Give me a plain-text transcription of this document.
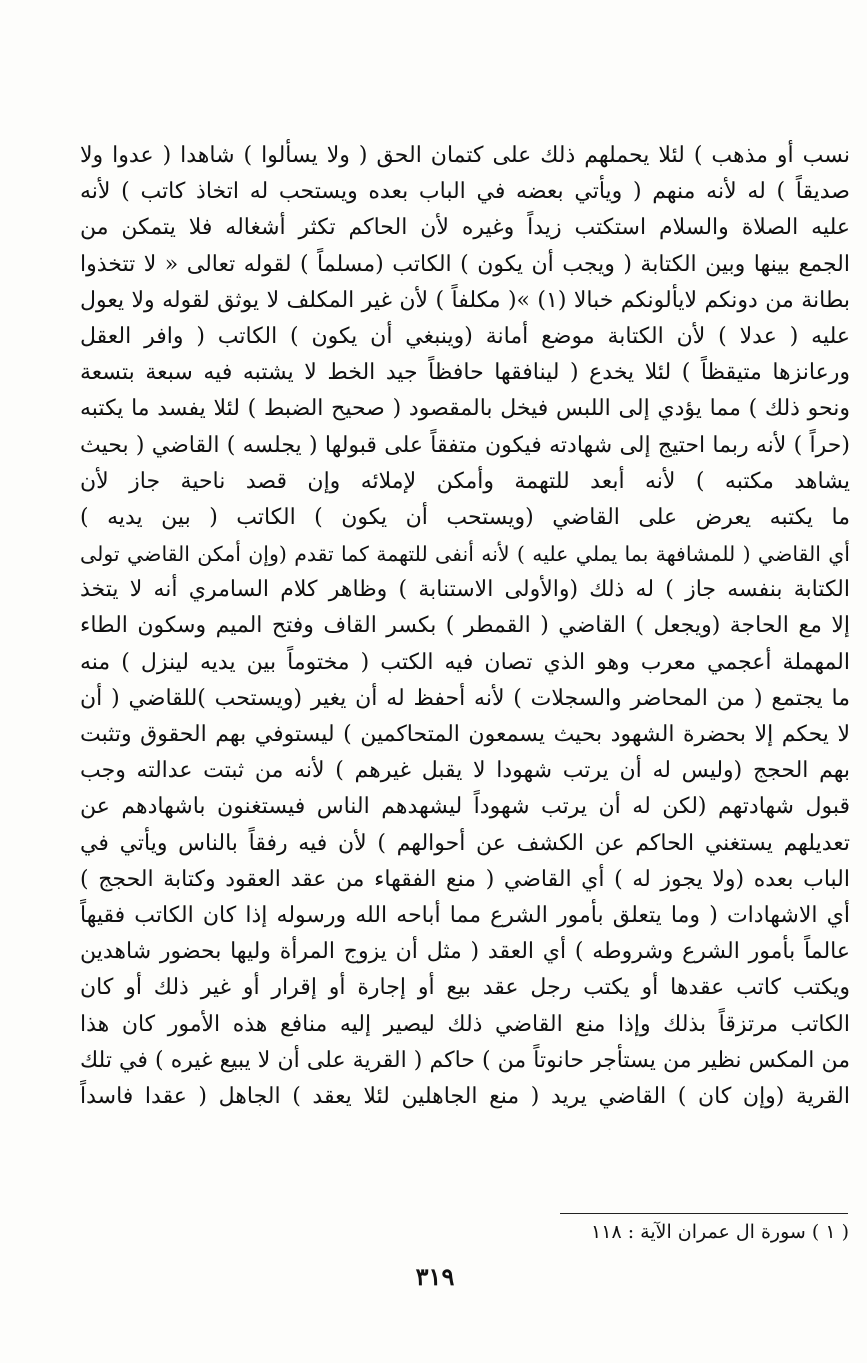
نسب أو مذهب ) لئلا يحملهم ذلك على كتمان الحق ( ولا يسألوا ) شاهدا ( عدوا ولا
صديقاً ) له لأنه منهم ( ويأتي بعضه في الباب بعده ويستحب له اتخاذ كاتب ) لأنه
عليه الصلاة والسلام استكتب زيداً وغيره لأن الحاكم تكثر أشغاله فلا يتمكن من
الجمع بينها وبين الكتابة ( ويجب أن يكون ) الكاتب (مسلماً ) لقوله تعالى « لا تتخذوا
بطانة من دونكم لايألونكم خبالا (١) »( مكلفاً ) لأن غير المكلف لا يوثق لقوله ولا يعول
عليه ( عدلا ) لأن الكتابة موضع أمانة (وينبغي أن يكون ) الكاتب ( وافر العقل
ورعانزها متيقظاً ) لئلا يخدع ( لينافقها حافظاً جيد الخط لا يشتبه فيه سبعة بتسعة
ونحو ذلك ) مما يؤدي إلى اللبس فيخل بالمقصود ( صحيح الضبط ) لئلا يفسد ما يكتبه
(حراً ) لأنه ربما احتيج إلى شهادته فيكون متفقاً على قبولها ( يجلسه ) القاضي ( بحيث
يشاهد مكتبه ) لأنه أبعد للتهمة وأمكن لإملائه وإن قصد ناحية جاز لأن
ما يكتبه يعرض على القاضي (ويستحب أن يكون ) الكاتب ( بين يديه )
أي القاضي ( للمشافهة بما يملي عليه ) لأنه أنفى للتهمة كما تقدم (وإن أمكن القاضي تولى
الكتابة بنفسه جاز ) له ذلك (والأولى الاستنابة ) وظاهر كلام السامري أنه لا يتخذ
إلا مع الحاجة (ويجعل ) القاضي ( القمطر ) بكسر القاف وفتح الميم وسكون الطاء
المهملة أعجمي معرب وهو الذي تصان فيه الكتب ( مختوماً بين يديه لينزل ) منه
ما يجتمع ( من المحاضر والسجلات ) لأنه أحفظ له أن يغير (ويستحب )للقاضي ( أن
لا يحكم إلا بحضرة الشهود بحيث يسمعون المتحاكمين ) ليستوفي بهم الحقوق وتثبت
بهم الحجج (وليس له أن يرتب شهودا لا يقبل غيرهم ) لأنه من ثبتت عدالته وجب
قبول شهادتهم (لكن له أن يرتب شهوداً ليشهدهم الناس فيستغنون باشهادهم عن
تعديلهم يستغني الحاكم عن الكشف عن أحوالهم ) لأن فيه رفقاً بالناس ويأتي في
الباب بعده (ولا يجوز له ) أي القاضي ( منع الفقهاء من عقد العقود وكتابة الحجج )
أي الاشهادات ( وما يتعلق بأمور الشرع مما أباحه الله ورسوله إذا كان الكاتب فقيهاً
عالماً بأمور الشرع وشروطه ) أي العقد ( مثل أن يزوج المرأة وليها بحضور شاهدين
ويكتب كاتب عقدها أو يكتب رجل عقد بيع أو إجارة أو إقرار أو غير ذلك أو كان
الكاتب مرتزقاً بذلك وإذا منع القاضي ذلك ليصير إليه منافع هذه الأمور كان هذا
من المكس نظير من يستأجر حانوتاً من ) حاكم ( القرية على أن لا يبيع غيره ) في تلك
القرية (وإن كان ) القاضي يريد ( منع الجاهلين لئلا يعقد ) الجاهل ( عقدا فاسداً
( ١ ) سورة ال عمران الآية : ١١٨
٣١٩
